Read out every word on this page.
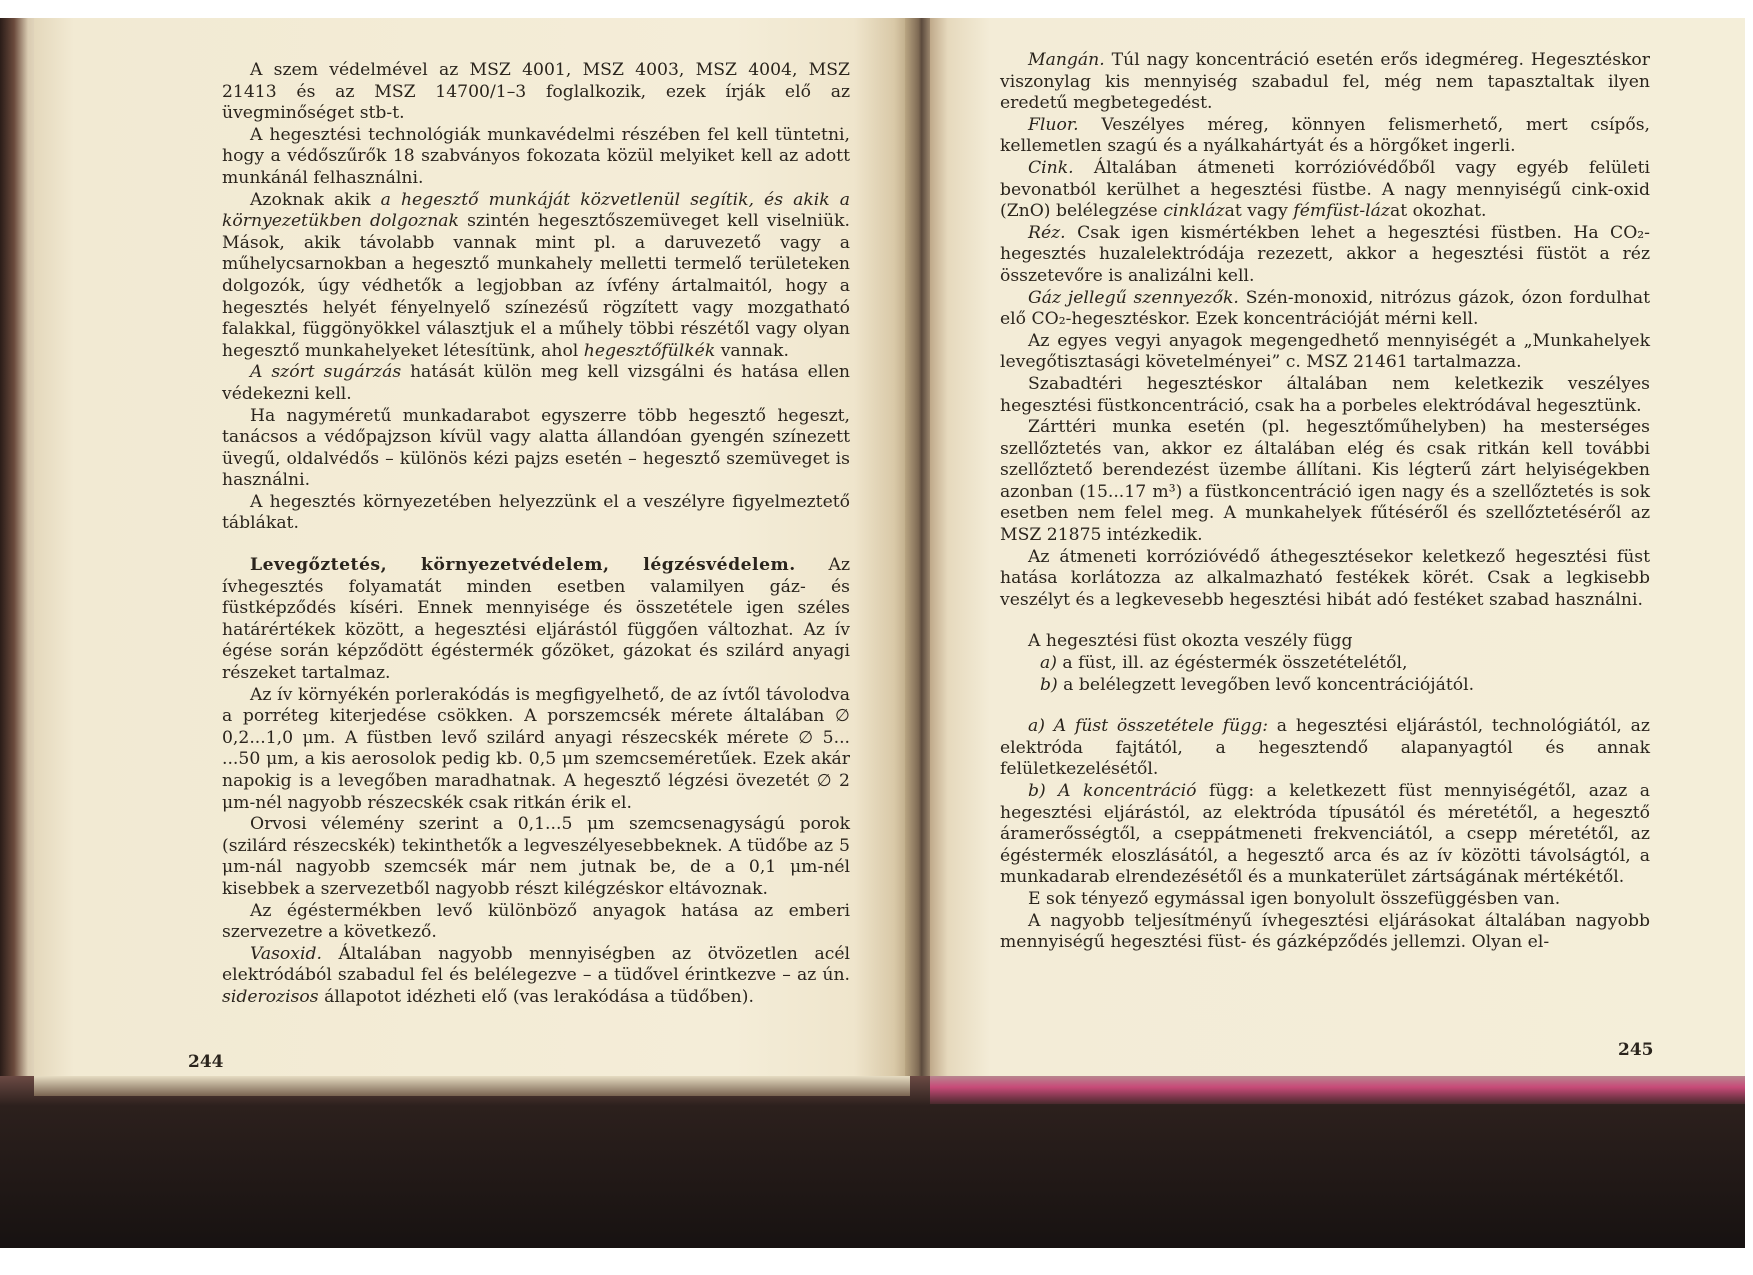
A szem védelmével az MSZ 4001, MSZ 4003, MSZ 4004, MSZ 21413 és az MSZ 14700/1–3 foglalkozik, ezek írják elő az üvegminőséget stb-t.

A hegesztési technológiák munkavédelmi részében fel kell tüntetni, hogy a védőszűrők 18 szabványos fokozata közül melyiket kell az adott munkánál felhasználni.

Azoknak akik a hegesztő munkáját közvetlenül segítik, és akik a környezetükben dolgoznak szintén hegesztőszemüveget kell viselniük. Mások, akik távolabb vannak mint pl. a daruvezető vagy a műhelycsarnokban a hegesztő munkahely melletti termelő területeken dolgozók, úgy védhetők a legjobban az ívfény ártalmaitól, hogy a hegesztés helyét fényelnyelő színezésű rögzített vagy mozgatható falakkal, függönyökkel választjuk el a műhely többi részétől vagy olyan hegesztő munkahelyeket létesítünk, ahol hegesztőfülkék vannak.

A szórt sugárzás hatását külön meg kell vizsgálni és hatása ellen védekezni kell.

Ha nagyméretű munkadarabot egyszerre több hegesztő hegeszt, tanácsos a védőpajzson kívül vagy alatta állandóan gyengén színezett üvegű, oldalvédős – különös kézi pajzs esetén – hegesztő szemüveget is használni.

A hegesztés környezetében helyezzünk el a veszélyre figyelmeztető táblákat.

Levegőztetés, környezetvédelem, légzésvédelem. Az ívhegesztés folyamatát minden esetben valamilyen gáz- és füstképződés kíséri. Ennek mennyisége és összetétele igen széles határértékek között, a hegesztési eljárástól függően változhat. Az ív égése során képződött égéstermék gőzöket, gázokat és szilárd anyagi részeket tartalmaz.

Az ív környékén porlerakódás is megfigyelhető, de az ívtől távolodva a porréteg kiterjedése csökken. A porszemcsék mérete általában ∅ 0,2...1,0 μm. A füstben levő szilárd anyagi részecskék mérete ∅ 5... ...50 μm, a kis aerosolok pedig kb. 0,5 μm szemcseméretűek. Ezek akár napokig is a levegőben maradhatnak. A hegesztő légzési övezetét ∅ 2 μm-nél nagyobb részecskék csak ritkán érik el.

Orvosi vélemény szerint a 0,1...5 μm szemcsenagyságú porok (szilárd részecskék) tekinthetők a legveszélyesebbeknek. A tüdőbe az 5 μm-nál nagyobb szemcsék már nem jutnak be, de a 0,1 μm-nél kisebbek a szervezetből nagyobb részt kilégzéskor eltávoznak.

Az égéstermékben levő különböző anyagok hatása az emberi szervezetre a következő.

Vasoxid. Általában nagyobb mennyiségben az ötvözetlen acél elektródából szabadul fel és belélegezve – a tüdővel érintkezve – az ún. siderozisos állapotot idézheti elő (vas lerakódása a tüdőben).

244

Mangán. Túl nagy koncentráció esetén erős idegméreg. Hegesztéskor viszonylag kis mennyiség szabadul fel, még nem tapasztaltak ilyen eredetű megbetegedést.

Fluor. Veszélyes méreg, könnyen felismerhető, mert csípős, kellemetlen szagú és a nyálkahártyát és a hörgőket ingerli.

Cink. Általában átmeneti korrózióvédőből vagy egyéb felületi bevonatból kerülhet a hegesztési füstbe. A nagy mennyiségű cink-oxid (ZnO) belélegzése cinklázat vagy fémfüst-lázat okozhat.

Réz. Csak igen kismértékben lehet a hegesztési füstben. Ha CO₂-hegesztés huzalelektródája rezezett, akkor a hegesztési füstöt a réz összetevőre is analizálni kell.

Gáz jellegű szennyezők. Szén-monoxid, nitrózus gázok, ózon fordulhat elő CO₂-hegesztéskor. Ezek koncentrációját mérni kell.

Az egyes vegyi anyagok megengedhető mennyiségét a „Munkahelyek levegőtisztasági követelményei” c. MSZ 21461 tartalmazza.

Szabadtéri hegesztéskor általában nem keletkezik veszélyes hegesztési füstkoncentráció, csak ha a porbeles elektródával hegesztünk.

Zárttéri munka esetén (pl. hegesztőműhelyben) ha mesterséges szellőztetés van, akkor ez általában elég és csak ritkán kell további szellőztető berendezést üzembe állítani. Kis légterű zárt helyiségekben azonban (15...17 m³) a füstkoncentráció igen nagy és a szellőztetés is sok esetben nem felel meg. A munkahelyek fűtéséről és szellőztetéséről az MSZ 21875 intézkedik.

Az átmeneti korrózióvédő áthegesztésekor keletkező hegesztési füst hatása korlátozza az alkalmazható festékek körét. Csak a legkisebb veszélyt és a legkevesebb hegesztési hibát adó festéket szabad használni.

A hegesztési füst okozta veszély függ

a) a füst, ill. az égéstermék összetételétől,

b) a belélegzett levegőben levő koncentrációjától.

a) A füst összetétele függ: a hegesztési eljárástól, technológiától, az elektróda fajtától, a hegesztendő alapanyagtól és annak felületkezelésétől.

b) A koncentráció függ: a keletkezett füst mennyiségétől, azaz a hegesztési eljárástól, az elektróda típusától és méretétől, a hegesztő áramerősségtől, a cseppátmeneti frekvenciától, a csepp méretétől, az égéstermék eloszlásától, a hegesztő arca és az ív közötti távolságtól, a munkadarab elrendezésétől és a munkaterület zártságának mértékétől.

E sok tényező egymással igen bonyolult összefüggésben van.

A nagyobb teljesítményű ívhegesztési eljárásokat általában nagyobb mennyiségű hegesztési füst- és gázképződés jellemzi. Olyan el-

245
